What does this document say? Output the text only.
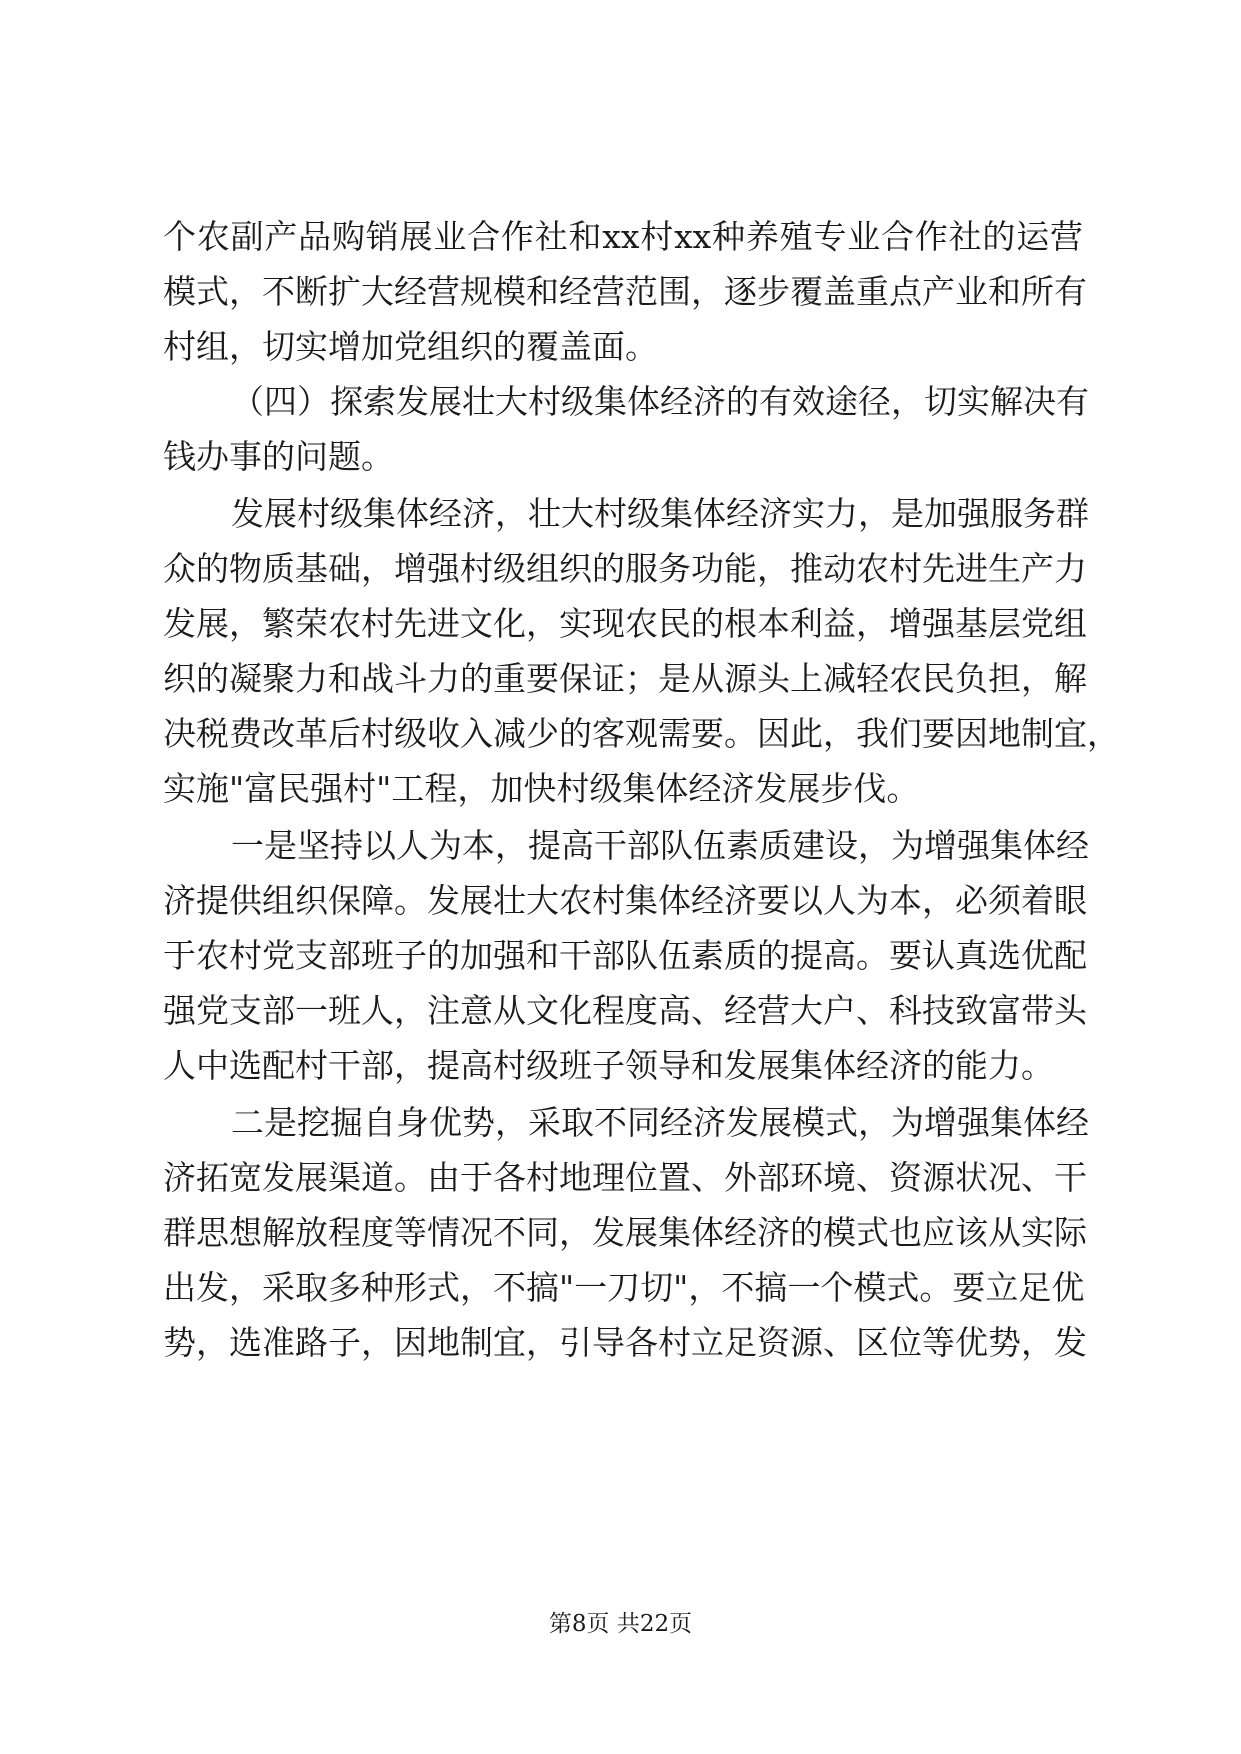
个农副产品购销展业合作社和xx村xx种养殖专业合作社的运营
模式，不断扩大经营规模和经营范围，逐步覆盖重点产业和所有
村组，切实增加党组织的覆盖面。
（四）探索发展壮大村级集体经济的有效途径，切实解决有
钱办事的问题。
发展村级集体经济，壮大村级集体经济实力，是加强服务群
众的物质基础，增强村级组织的服务功能，推动农村先进生产力
发展，繁荣农村先进文化，实现农民的根本利益，增强基层党组
织的凝聚力和战斗力的重要保证；是从源头上减轻农民负担，解
决税费改革后村级收入减少的客观需要。因此，我们要因地制宜，
实施"富民强村"工程，加快村级集体经济发展步伐。
一是坚持以人为本，提高干部队伍素质建设，为增强集体经
济提供组织保障。发展壮大农村集体经济要以人为本，必须着眼
于农村党支部班子的加强和干部队伍素质的提高。要认真选优配
强党支部一班人，注意从文化程度高、经营大户、科技致富带头
人中选配村干部，提高村级班子领导和发展集体经济的能力。
二是挖掘自身优势，采取不同经济发展模式，为增强集体经
济拓宽发展渠道。由于各村地理位置、外部环境、资源状况、干
群思想解放程度等情况不同，发展集体经济的模式也应该从实际
出发，采取多种形式，不搞"一刀切"，不搞一个模式。要立足优
势，选准路子，因地制宜，引导各村立足资源、区位等优势，发
第8页 共22页
